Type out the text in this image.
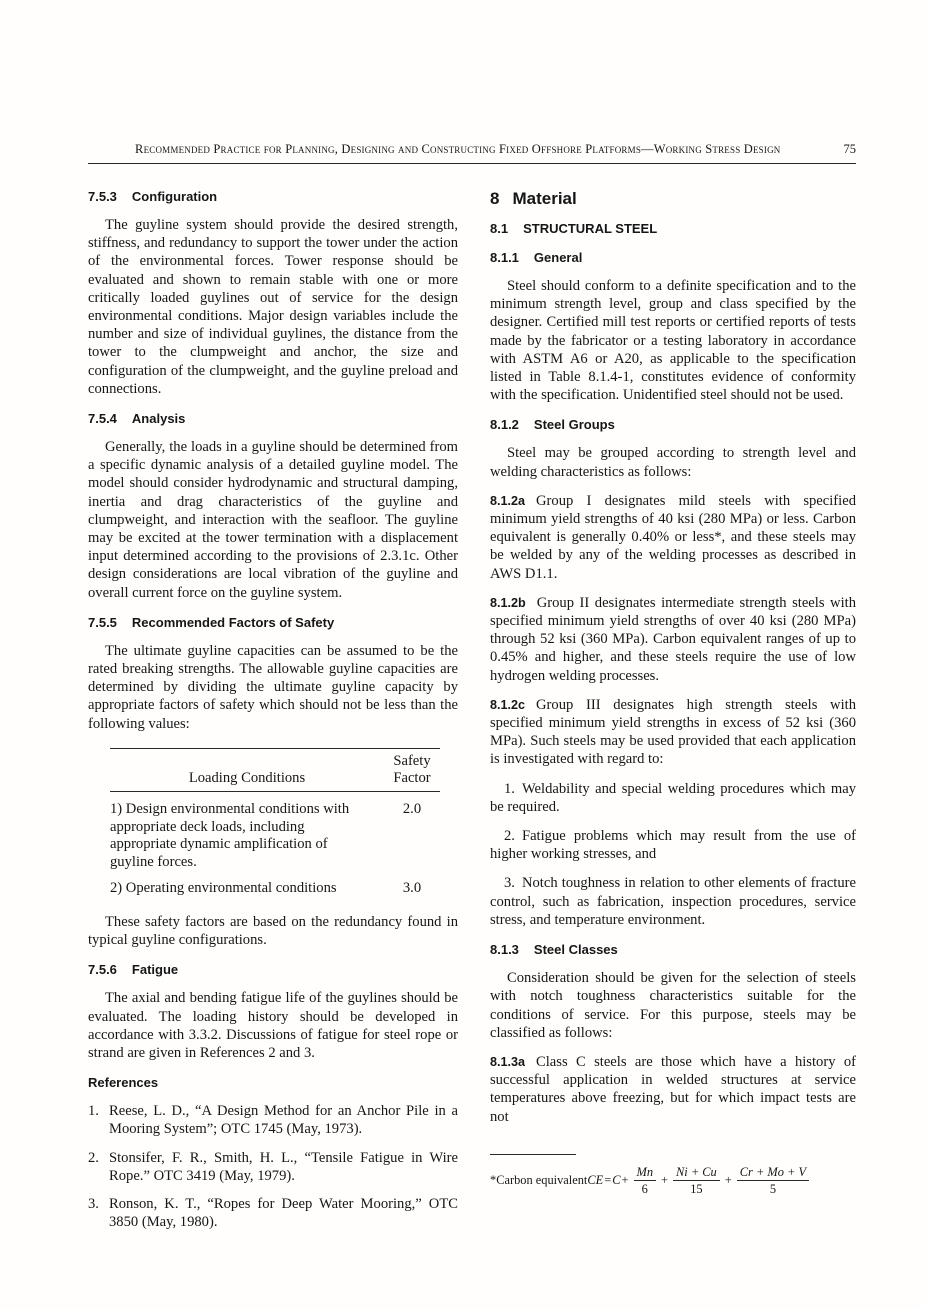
Recommended Practice for Planning, Designing and Constructing Fixed Offshore Platforms—Working Stress Design	75
7.5.3 Configuration

The guyline system should provide the desired strength, stiffness, and redundancy to support the tower under the action of the environmental forces. Tower response should be evaluated and shown to remain stable with one or more critically loaded guylines out of service for the design environmental conditions. Major design variables include the number and size of individual guylines, the distance from the tower to the clumpweight and anchor, the size and configuration of the clumpweight, and the guyline preload and connections.

7.5.4 Analysis

Generally, the loads in a guyline should be determined from a specific dynamic analysis of a detailed guyline model. The model should consider hydrodynamic and structural damping, inertia and drag characteristics of the guyline and clumpweight, and interaction with the seafloor. The guyline may be excited at the tower termination with a displacement input determined according to the provisions of 2.3.1c. Other design considerations are local vibration of the guyline and overall current force on the guyline system.

7.5.5 Recommended Factors of Safety

The ultimate guyline capacities can be assumed to be the rated breaking strengths. The allowable guyline capacities are determined by dividing the ultimate guyline capacity by appropriate factors of safety which should not be less than the following values:

Loading Conditions
Safety
Factor
1) Design environmental conditions with appropriate deck loads, including appropriate dynamic amplification of guyline forces.
2.0
2) Operating environmental conditions	3.0

These safety factors are based on the redundancy found in typical guyline configurations.

7.5.6 Fatigue

The axial and bending fatigue life of the guylines should be evaluated. The loading history should be developed in accordance with 3.3.2. Discussions of fatigue for steel rope or strand are given in References 2 and 3.

References
1. Reese, L. D., “A Design Method for an Anchor Pile in a Mooring System”; OTC 1745 (May, 1973).
2. Stonsifer, F. R., Smith, H. L., “Tensile Fatigue in Wire Rope.” OTC 3419 (May, 1979).
3. Ronson, K. T., “Ropes for Deep Water Mooring,” OTC 3850 (May, 1980).
8 Material
8.1 STRUCTURAL STEEL
8.1.1 General

Steel should conform to a definite specification and to the minimum strength level, group and class specified by the designer. Certified mill test reports or certified reports of tests made by the fabricator or a testing laboratory in accordance with ASTM A6 or A20, as applicable to the specification listed in Table 8.1.4-1, constitutes evidence of conformity with the specification. Unidentified steel should not be used.

8.1.2 Steel Groups

Steel may be grouped according to strength level and welding characteristics as follows:

8.1.2a Group I designates mild steels with specified minimum yield strengths of 40 ksi (280 MPa) or less. Carbon equivalent is generally 0.40% or less*, and these steels may be welded by any of the welding processes as described in AWS D1.1.

8.1.2b Group II designates intermediate strength steels with specified minimum yield strengths of over 40 ksi (280 MPa) through 52 ksi (360 MPa). Carbon equivalent ranges of up to 0.45% and higher, and these steels require the use of low hydrogen welding processes.

8.1.2c Group III designates high strength steels with specified minimum yield strengths in excess of 52 ksi (360 MPa). Such steels may be used provided that each application is investigated with regard to:

1. Weldability and special welding procedures which may be required.

2. Fatigue problems which may result from the use of higher working stresses, and

3. Notch toughness in relation to other elements of fracture control, such as fabrication, inspection procedures, service stress, and temperature environment.

8.1.3 Steel Classes

Consideration should be given for the selection of steels with notch toughness characteristics suitable for the conditions of service. For this purpose, steels may be classified as follows:

8.1.3a Class C steels are those which have a history of successful application in welded structures at service temperatures above freezing, but for which impact tests are not

*Carbon equivalent CE = $C + \frac{Mn}{6} + \frac{Ni + Cu}{15} + \frac{Cr + Mo + V}{5}$
